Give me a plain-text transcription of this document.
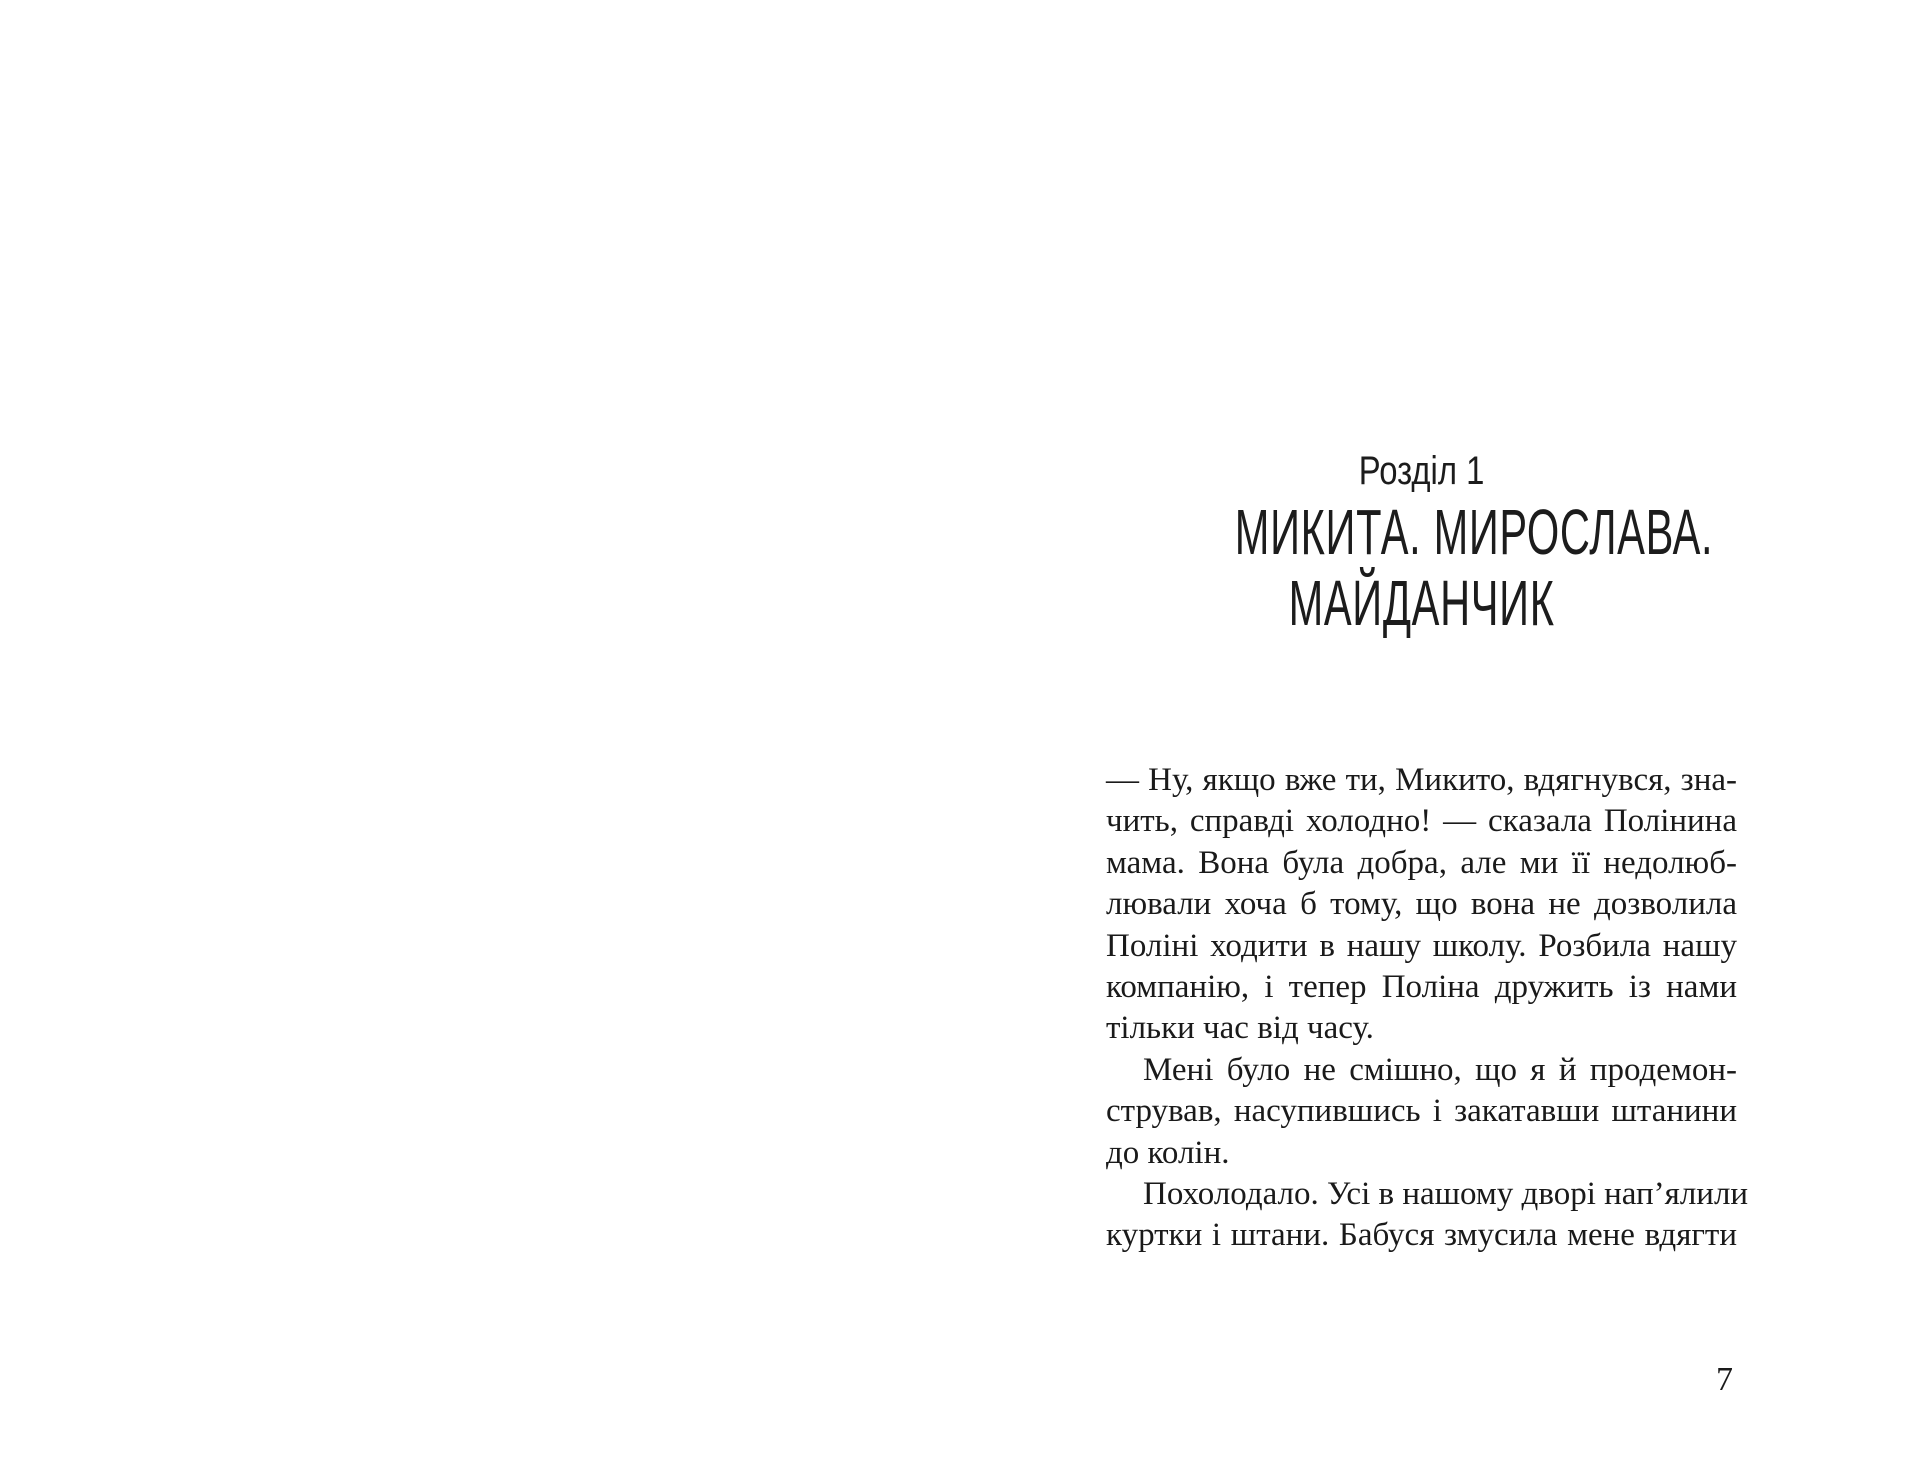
Розділ 1
МИКИТА. МИРОСЛАВА.
МАЙДАНЧИК
— Ну, якщо вже ти, Микито, вдягнувся, зна-
чить, справді холодно! — сказала Полінина
мама. Вона була добра, але ми її недолюб-
лювали хоча б тому, що вона не дозволила
Поліні ходити в нашу школу. Розбила нашу
компанію, і тепер Поліна дружить із нами
тільки час від часу.
Мені було не смішно, що я й продемон-
стрував, насупившись і закатавши штанини
до колін.
Похолодало. Усі в нашому дворі нап’ялили
куртки і штани. Бабуся змусила мене вдягти
7
